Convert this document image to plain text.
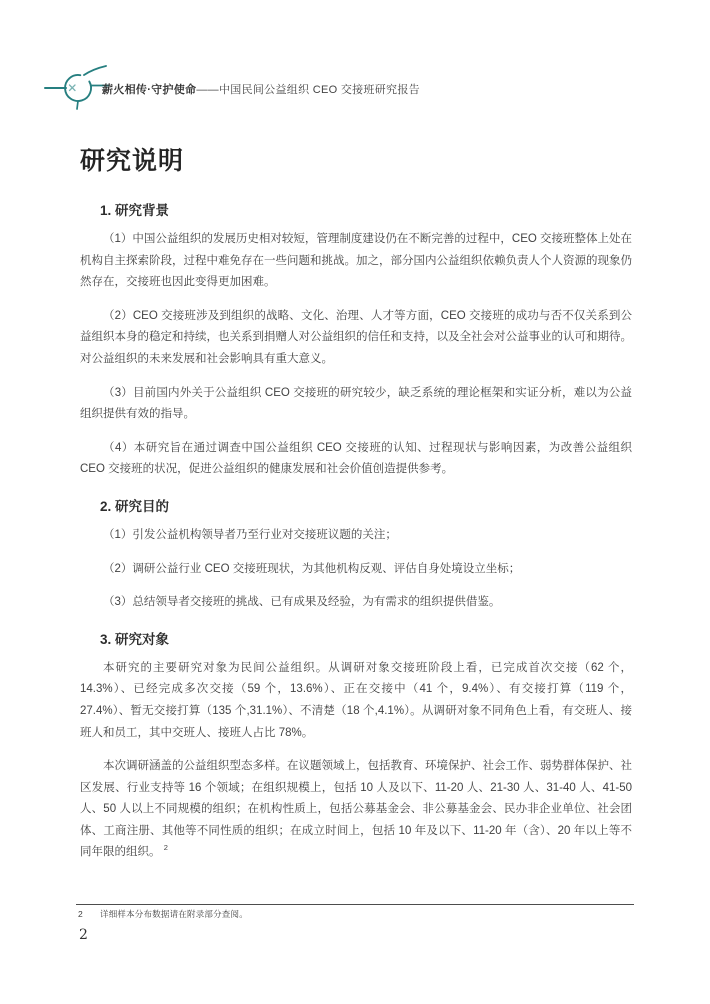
薪火相传·守护使命——中国民间公益组织 CEO 交接班研究报告
研究说明
1. 研究背景

（1）中国公益组织的发展历史相对较短，管理制度建设仍在不断完善的过程中，CEO 交接班整体上处在机构自主探索阶段，过程中难免存在一些问题和挑战。加之，部分国内公益组织依赖负责人个人资源的现象仍然存在，交接班也因此变得更加困难。

（2）CEO 交接班涉及到组织的战略、文化、治理、人才等方面，CEO 交接班的成功与否不仅关系到公益组织本身的稳定和持续，也关系到捐赠人对公益组织的信任和支持，以及全社会对公益事业的认可和期待。对公益组织的未来发展和社会影响具有重大意义。

（3）目前国内外关于公益组织 CEO 交接班的研究较少，缺乏系统的理论框架和实证分析，难以为公益组织提供有效的指导。

（4）本研究旨在通过调查中国公益组织 CEO 交接班的认知、过程现状与影响因素，为改善公益组织 CEO 交接班的状况，促进公益组织的健康发展和社会价值创造提供参考。

2. 研究目的

（1）引发公益机构领导者乃至行业对交接班议题的关注；

（2）调研公益行业 CEO 交接班现状，为其他机构反观、评估自身处境设立坐标；

（3）总结领导者交接班的挑战、已有成果及经验，为有需求的组织提供借鉴。

3. 研究对象

本研究的主要研究对象为民间公益组织。从调研对象交接班阶段上看，已完成首次交接（62 个，14.3%）、已经完成多次交接（59 个，13.6%）、正在交接中（41 个，9.4%）、有交接打算（119 个，27.4%）、暂无交接打算（135 个,31.1%）、不清楚（18 个,4.1%）。从调研对象不同角色上看，有交班人、接班人和员工，其中交班人、接班人占比 78%。

本次调研涵盖的公益组织型态多样。在议题领域上，包括教育、环境保护、社会工作、弱势群体保护、社区发展、行业支持等 16 个领域；在组织规模上，包括 10 人及以下、11-20 人、21-30 人、31-40 人、41-50 人、50 人以上不同规模的组织；在机构性质上，包括公募基金会、非公募基金会、民办非企业单位、社会团体、工商注册、其他等不同性质的组织；在成立时间上，包括 10 年及以下、11-20 年（含）、20 年以上等不同年限的组织。 $^2$

2 详细样本分布数据请在附录部分查阅。
2
